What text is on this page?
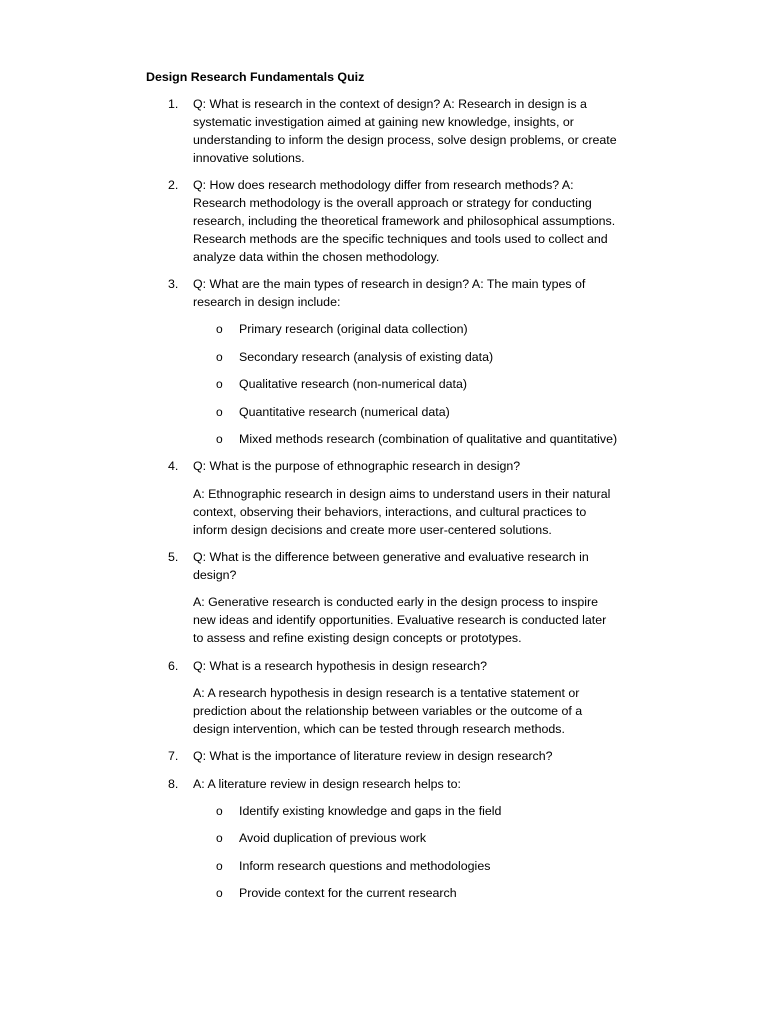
Design Research Fundamentals Quiz
1. Q: What is research in the context of design? A: Research in design is a systematic investigation aimed at gaining new knowledge, insights, or understanding to inform the design process, solve design problems, or create innovative solutions.
2. Q: How does research methodology differ from research methods? A: Research methodology is the overall approach or strategy for conducting research, including the theoretical framework and philosophical assumptions. Research methods are the specific techniques and tools used to collect and analyze data within the chosen methodology.
3. Q: What are the main types of research in design? A: The main types of research in design include:
o Primary research (original data collection)
o Secondary research (analysis of existing data)
o Qualitative research (non-numerical data)
o Quantitative research (numerical data)
o Mixed methods research (combination of qualitative and quantitative)
4. Q: What is the purpose of ethnographic research in design?
A: Ethnographic research in design aims to understand users in their natural context, observing their behaviors, interactions, and cultural practices to inform design decisions and create more user-centered solutions.
5. Q: What is the difference between generative and evaluative research in design?
A: Generative research is conducted early in the design process to inspire new ideas and identify opportunities. Evaluative research is conducted later to assess and refine existing design concepts or prototypes.
6. Q: What is a research hypothesis in design research?
A: A research hypothesis in design research is a tentative statement or prediction about the relationship between variables or the outcome of a design intervention, which can be tested through research methods.
7. Q: What is the importance of literature review in design research?
8. A: A literature review in design research helps to:
o Identify existing knowledge and gaps in the field
o Avoid duplication of previous work
o Inform research questions and methodologies
o Provide context for the current research
